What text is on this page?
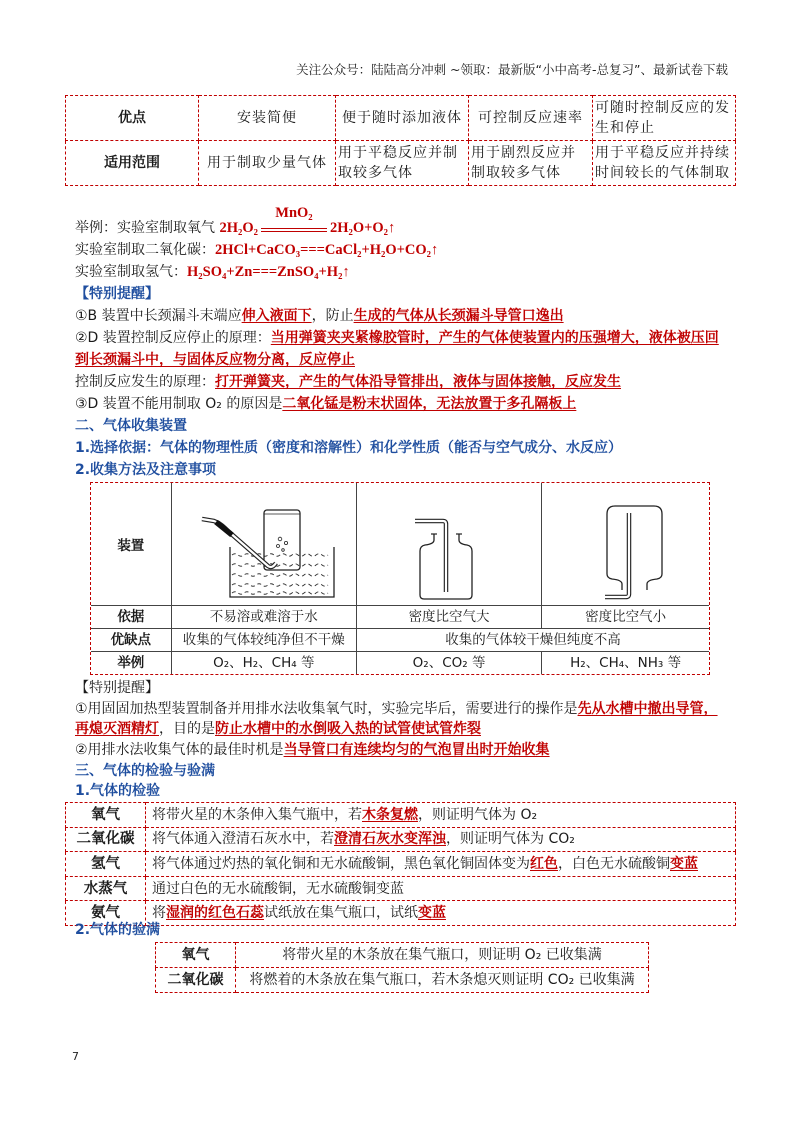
关注公众号：陆陆高分冲刺 ~领取：最新版“小中高考-总复习”、最新试卷下载
优点	安装简便	便于随时添加液体	可控制反应速率	可随时控制反应的发生和停止
适用范围	用于制取少量气体	用于平稳反应并制取较多气体	用于剧烈反应并制取较多气体	用于平稳反应并持续时间较长的气体制取
举例：实验室制取氧气 2H₂O₂
MnO₂
2H₂O+O₂↑
实验室制取二氧化碳：2HCl+CaCO₃===CaCl₂+H₂O+CO₂↑
实验室制取氢气：H₂SO₄+Zn===ZnSO₄+H₂↑
【特别提醒】
①B 装置中长颈漏斗末端应伸入液面下，防止生成的气体从长颈漏斗导管口逸出
②D 装置控制反应停止的原理：当用弹簧夹夹紧橡胶管时，产生的气体使装置内的压强增大，液体被压回
到长颈漏斗中，与固体反应物分离，反应停止
控制反应发生的原理：打开弹簧夹，产生的气体沿导管排出，液体与固体接触，反应发生
③D 装置不能用制取 O₂ 的原因是二氧化锰是粉末状固体，无法放置于多孔隔板上
二、气体收集装置
1.选择依据：气体的物理性质（密度和溶解性）和化学性质（能否与空气成分、水反应）
2.收集方法及注意事项
装置	

依据	不易溶或难溶于水	密度比空气大	密度比空气小
优缺点	收集的气体较纯净但不干燥	收集的气体较干燥但纯度不高	
举例	O₂、H₂、CH₄ 等	O₂、CO₂ 等	H₂、CH₄、NH₃ 等
【特别提醒】
①用固固加热型装置制备并用排水法收集氧气时，实验完毕后，需要进行的操作是先从水槽中撤出导管，
再熄灭酒精灯，目的是防止水槽中的水倒吸入热的试管使试管炸裂
②用排水法收集气体的最佳时机是当导管口有连续均匀的气泡冒出时开始收集
三、气体的检验与验满
1.气体的检验
氧气	将带火星的木条伸入集气瓶中，若木条复燃，则证明气体为 O₂
二氧化碳	将气体通入澄清石灰水中，若澄清石灰水变浑浊，则证明气体为 CO₂
氢气	将气体通过灼热的氧化铜和无水硫酸铜，黑色氧化铜固体变为红色，白色无水硫酸铜变蓝
水蒸气	通过白色的无水硫酸铜，无水硫酸铜变蓝
氨气	将湿润的红色石蕊试纸放在集气瓶口，试纸变蓝
2.气体的验满
氧气	将带火星的木条放在集气瓶口，则证明 O₂ 已收集满
二氧化碳	将燃着的木条放在集气瓶口，若木条熄灭则证明 CO₂ 已收集满
7
